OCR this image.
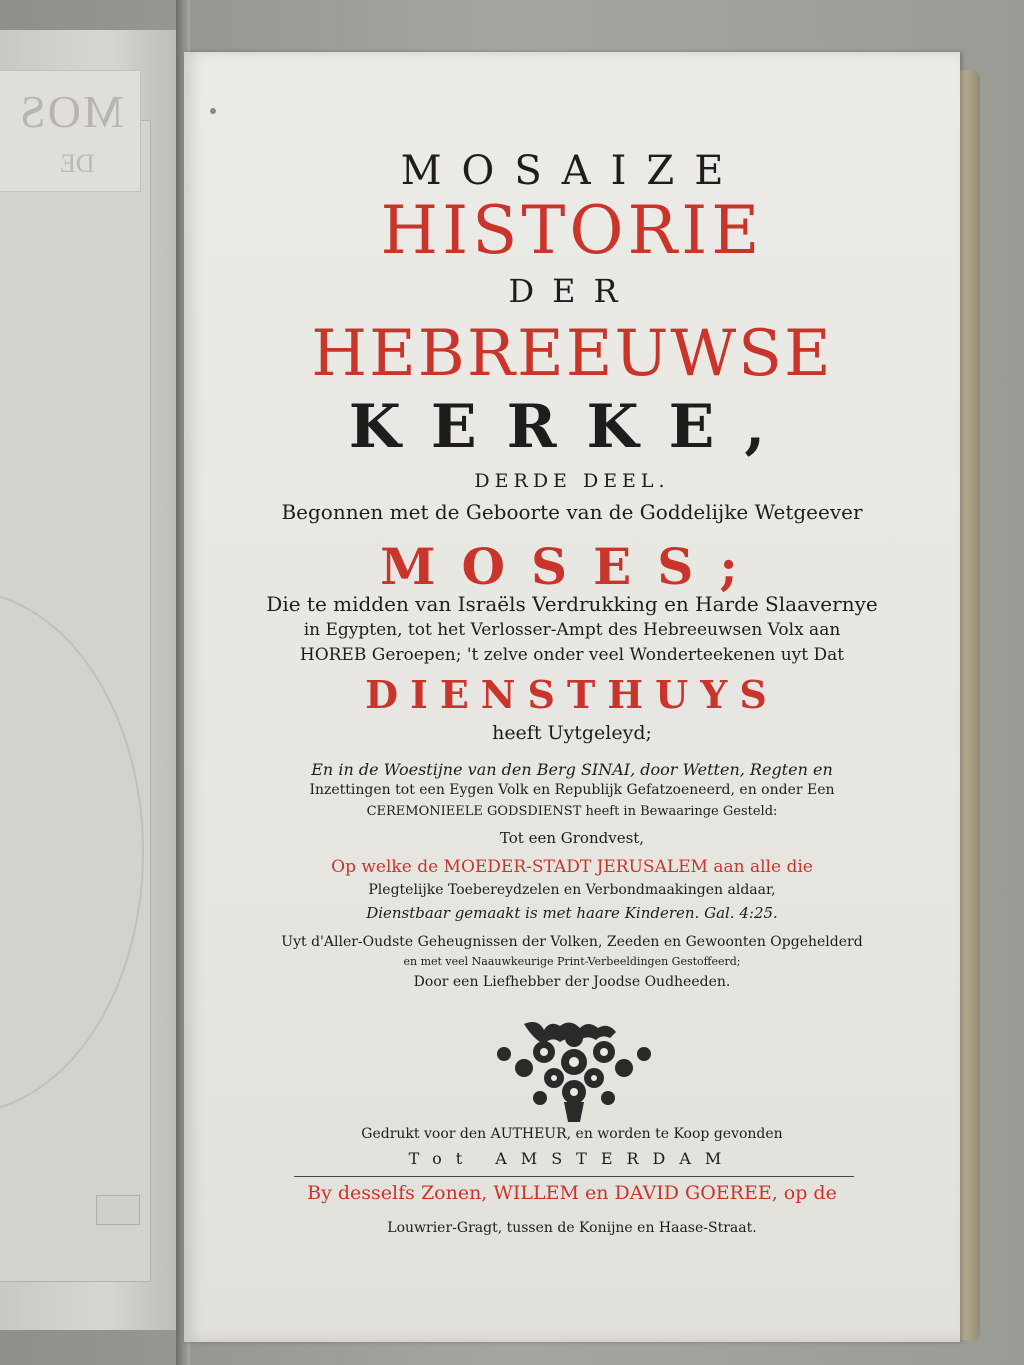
MOS
DE	MOSAIZE
HISTORIE
DER
HEBREEUWSE
KERKE,
DERDE DEEL.
Begonnen met de Geboorte van de Goddelijke Wetgeever
MOSES;
Die te midden van Israëls Verdrukking en Harde Slaavernye
in Egypten, tot het Verlosser-Ampt des Hebreeuwsen Volx aan
HOREB Geroepen; 't zelve onder veel Wonderteekenen uyt Dat
DIENSTHUYS
heeft Uytgeleyd;
En in de Woestijne van den Berg SINAI, door Wetten, Regten en
Inzettingen tot een Eygen Volk en Republijk Gefatzoeneerd, en onder Een
CEREMONIEELE GODSDIENST heeft in Bewaaringe Gesteld:
Tot een Grondvest,
Op welke de MOEDER-STADT JERUSALEM aan alle die
Plegtelijke Toebereydzelen en Verbondmaakingen aldaar,
Dienstbaar gemaakt is met haare Kinderen. Gal. 4:25.
Uyt d'Aller-Oudste Geheugnissen der Volken, Zeeden en Gewoonten Opgehelderd
en met veel Naauwkeurige Print-Verbeeldingen Gestoffeerd;
Door een Liefhebber der Joodse Oudheeden.
Gedrukt voor den AUTHEUR, en worden te Koop gevonden
Tot AMSTERDAM
By desselfs Zonen, WILLEM en DAVID GOEREE, op de
Louwrier-Gragt, tussen de Konijne en Haase-Straat.
